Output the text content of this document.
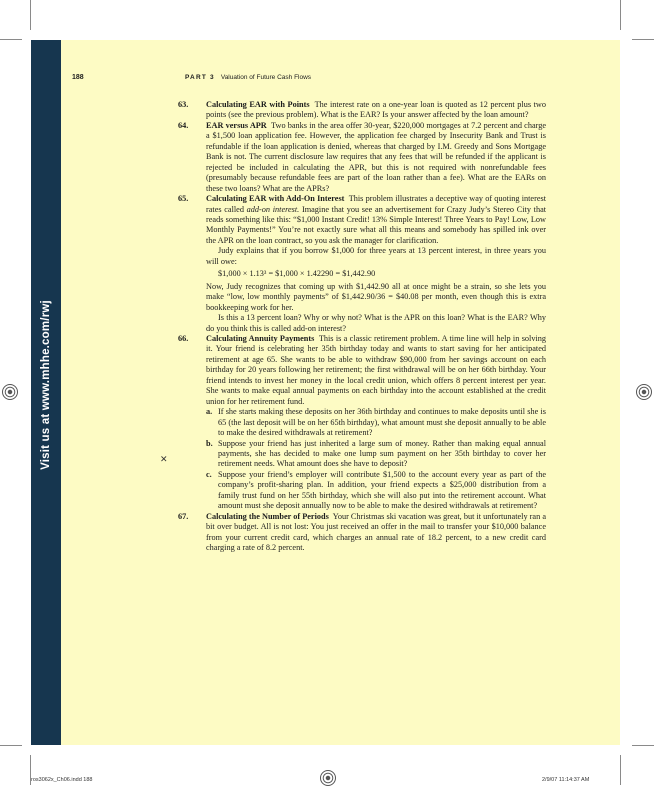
Visit us at www.mhhe.com/rwj
188	PART 3 Valuation of Future Cash Flows
✕
63. Calculating EAR with Points The interest rate on a one-year loan is quoted as 12 percent plus two points (see the previous problem). What is the EAR? Is your answer affected by the loan amount?

64. EAR versus APR Two banks in the area offer 30-year, $220,000 mortgages at 7.2 percent and charge a $1,500 loan application fee. However, the application fee charged by Insecurity Bank and Trust is refundable if the loan application is denied, whereas that charged by I.M. Greedy and Sons Mortgage Bank is not. The current disclosure law requires that any fees that will be refunded if the applicant is rejected be included in calculating the APR, but this is not required with nonrefundable fees (presumably because refundable fees are part of the loan rather than a fee). What are the EARs on these two loans? What are the APRs?

65. Calculating EAR with Add-On Interest This problem illustrates a deceptive way of quoting interest rates called add-on interest. Imagine that you see an advertisement for Crazy Judy’s Stereo City that reads something like this: “$1,000 Instant Credit! 13% Simple Interest! Three Years to Pay! Low, Low Monthly Payments!” You’re not exactly sure what all this means and somebody has spilled ink over the APR on the loan contract, so you ask the manager for clarification.

Judy explains that if you borrow $1,000 for three years at 13 percent interest, in three years you will owe:

$1,000 × 1.13³ = $1,000 × 1.42290 = $1,442.90

Now, Judy recognizes that coming up with $1,442.90 all at once might be a strain, so she lets you make “low, low monthly payments” of $1,442.90/36 = $40.08 per month, even though this is extra bookkeeping work for her.

Is this a 13 percent loan? Why or why not? What is the APR on this loan? What is the EAR? Why do you think this is called add-on interest?

66. Calculating Annuity Payments This is a classic retirement problem. A time line will help in solving it. Your friend is celebrating her 35th birthday today and wants to start saving for her anticipated retirement at age 65. She wants to be able to withdraw $90,000 from her savings account on each birthday for 20 years following her retirement; the first withdrawal will be on her 66th birthday. Your friend intends to invest her money in the local credit union, which offers 8 percent interest per year. She wants to make equal annual payments on each birthday into the account established at the credit union for her retirement fund.

a. If she starts making these deposits on her 36th birthday and continues to make deposits until she is 65 (the last deposit will be on her 65th birthday), what amount must she deposit annually to be able to make the desired withdrawals at retirement?
b. Suppose your friend has just inherited a large sum of money. Rather than making equal annual payments, she has decided to make one lump sum payment on her 35th birthday to cover her retirement needs. What amount does she have to deposit?
c. Suppose your friend’s employer will contribute $1,500 to the account every year as part of the company’s profit-sharing plan. In addition, your friend expects a $25,000 distribution from a family trust fund on her 55th birthday, which she will also put into the retirement account. What amount must she deposit annually now to be able to make the desired withdrawals at retirement?
67. Calculating the Number of Periods Your Christmas ski vacation was great, but it unfortunately ran a bit over budget. All is not lost: You just received an offer in the mail to transfer your $10,000 balance from your current credit card, which charges an annual rate of 18.2 percent, to a new credit card charging a rate of 8.2 percent.

ros3062x_Ch06.indd 188	2/9/07 11:14:37 AM
